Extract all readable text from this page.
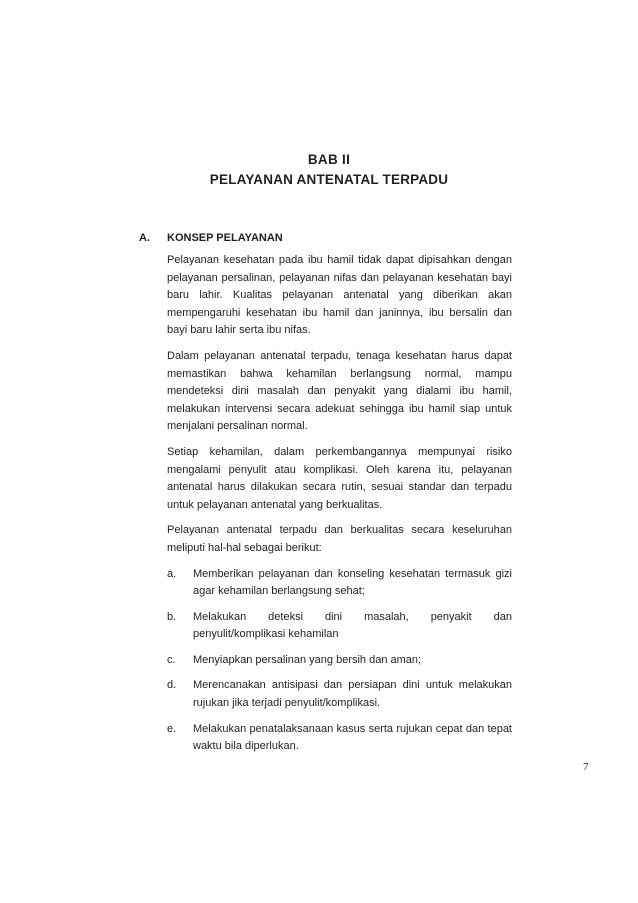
BAB II
PELAYANAN ANTENATAL TERPADU
A. KONSEP PELAYANAN

Pelayanan kesehatan pada ibu hamil tidak dapat dipisahkan dengan pelayanan persalinan, pelayanan nifas dan pelayanan kesehatan bayi baru lahir. Kualitas pelayanan antenatal yang diberikan akan mempengaruhi kesehatan ibu hamil dan janinnya, ibu bersalin dan bayi baru lahir serta ibu nifas.

Dalam pelayanan antenatal terpadu, tenaga kesehatan harus dapat memastikan bahwa kehamilan berlangsung normal, mampu mendeteksi dini masalah dan penyakit yang dialami ibu hamil, melakukan intervensi secara adekuat sehingga ibu hamil siap untuk menjalani persalinan normal.

Setiap kehamilan, dalam perkembangannya mempunyai risiko mengalami penyulit atau komplikasi. Oleh karena itu, pelayanan antenatal harus dilakukan secara rutin, sesuai standar dan terpadu untuk pelayanan antenatal yang berkualitas.

Pelayanan antenatal terpadu dan berkualitas secara keseluruhan meliputi hal-hal sebagai berikut:

a.	Memberikan pelayanan dan konseling kesehatan termasuk gizi agar kehamilan berlangsung sehat;
b.	Melakukan deteksi dini masalah, penyakit dan penyulit/komplikasi kehamilan
c.	Menyiapkan persalinan yang bersih dan aman;
d.	Merencanakan antisipasi dan persiapan dini untuk melakukan rujukan jika terjadi penyulit/komplikasi.
e.	Melakukan penatalaksanaan kasus serta rujukan cepat dan tepat waktu bila diperlukan.
7
